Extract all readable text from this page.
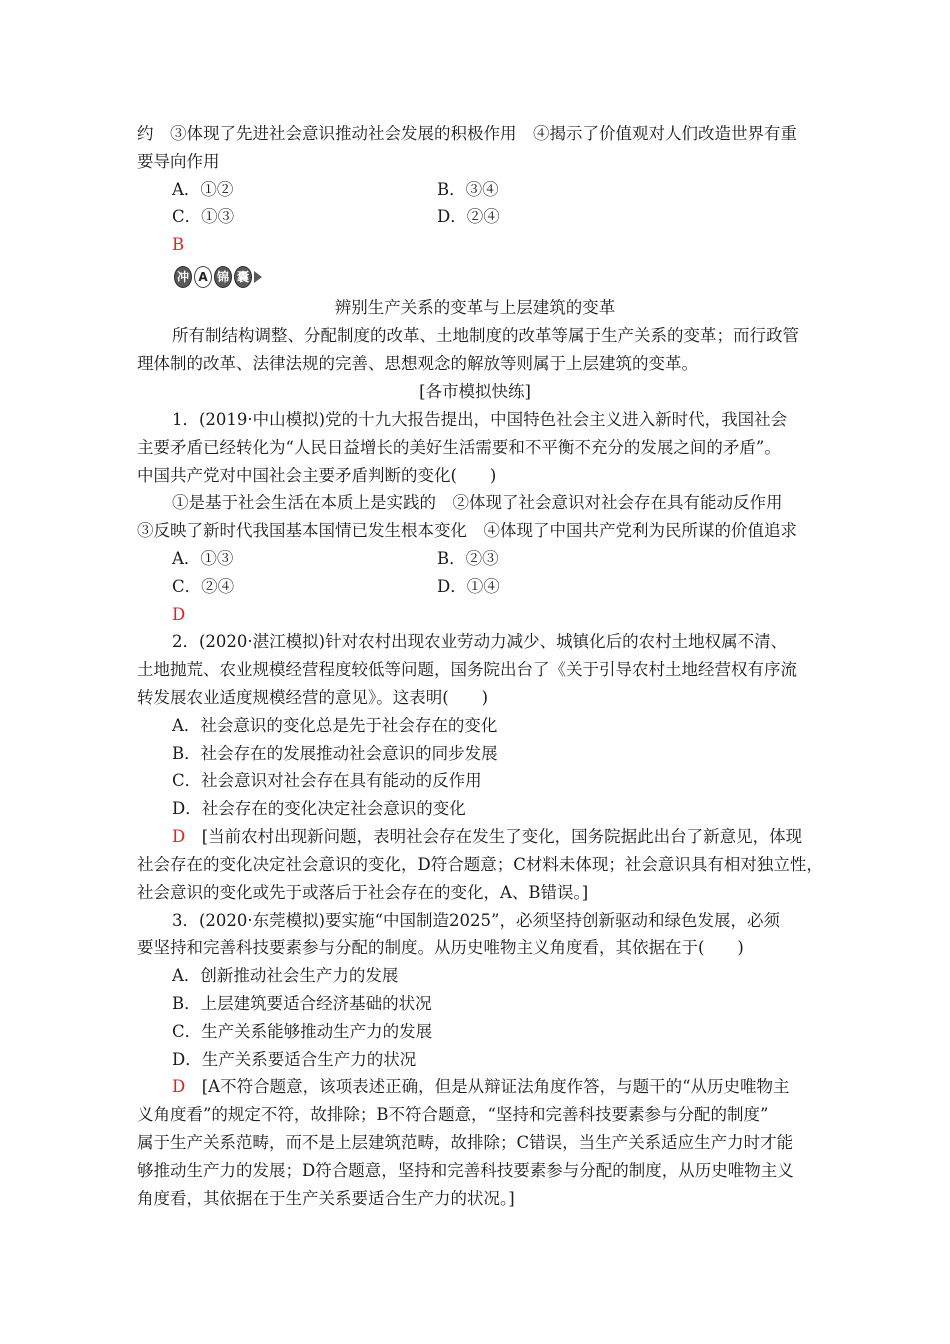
约　③体现了先进社会意识推动社会发展的积极作用　④揭示了价值观对人们改造世界有重
要导向作用
A．①②	B．③④
C．①③	D．②④
B
冲 A 锦 囊
辨别生产关系的变革与上层建筑的变革
所有制结构调整、分配制度的改革、土地制度的改革等属于生产关系的变革；而行政管
理体制的改革、法律法规的完善、思想观念的解放等则属于上层建筑的变革。
[各市模拟快练]
1．(2019·中山模拟)党的十九大报告提出，中国特色社会主义进入新时代，我国社会
主要矛盾已经转化为“人民日益增长的美好生活需要和不平衡不充分的发展之间的矛盾”。
中国共产党对中国社会主要矛盾判断的变化(　　)
①是基于社会生活在本质上是实践的　②体现了社会意识对社会存在具有能动反作用
③反映了新时代我国基本国情已发生根本变化　④体现了中国共产党利为民所谋的价值追求
A．①③	B．②③
C．②④	D．①④
D
2．(2020·湛江模拟)针对农村出现农业劳动力减少、城镇化后的农村土地权属不清、
土地抛荒、农业规模经营程度较低等问题，国务院出台了《关于引导农村土地经营权有序流
转发展农业适度规模经营的意见》。这表明(　　)
A．社会意识的变化总是先于社会存在的变化
B．社会存在的发展推动社会意识的同步发展
C．社会意识对社会存在具有能动的反作用
D．社会存在的变化决定社会意识的变化
D　[当前农村出现新问题，表明社会存在发生了变化，国务院据此出台了新意见，体现
社会存在的变化决定社会意识的变化，D符合题意；C材料未体现；社会意识具有相对独立性，
社会意识的变化或先于或落后于社会存在的变化，A、B错误。]
3．(2020·东莞模拟)要实施“中国制造2025”，必须坚持创新驱动和绿色发展，必须
要坚持和完善科技要素参与分配的制度。从历史唯物主义角度看，其依据在于(　　)
A．创新推动社会生产力的发展
B．上层建筑要适合经济基础的状况
C．生产关系能够推动生产力的发展
D．生产关系要适合生产力的状况
D　[A不符合题意，该项表述正确，但是从辩证法角度作答，与题干的“从历史唯物主
义角度看”的规定不符，故排除；B不符合题意，“坚持和完善科技要素参与分配的制度”
属于生产关系范畴，而不是上层建筑范畴，故排除；C错误，当生产关系适应生产力时才能
够推动生产力的发展；D符合题意，坚持和完善科技要素参与分配的制度，从历史唯物主义
角度看，其依据在于生产关系要适合生产力的状况。]
